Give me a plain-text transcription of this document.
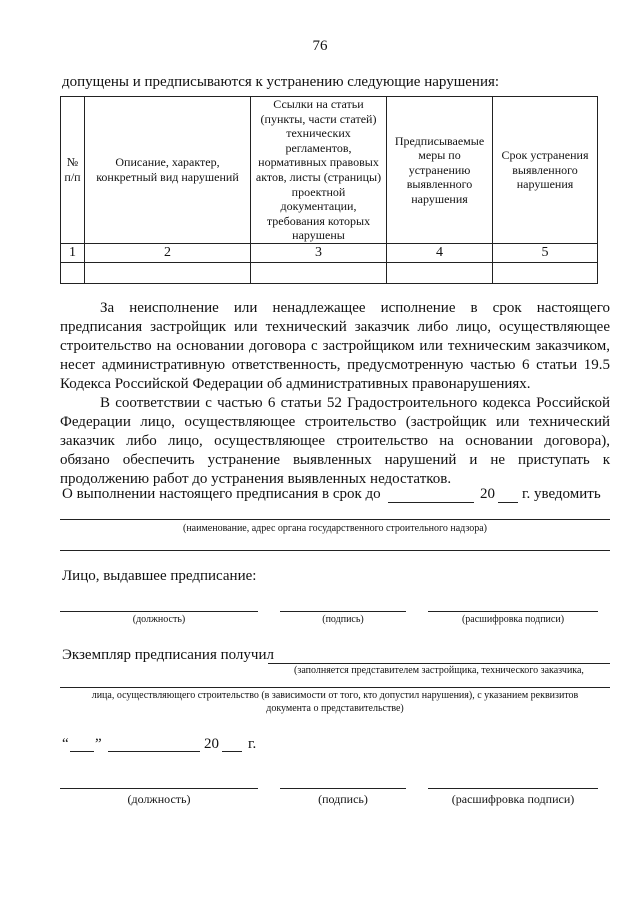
76
допущены и предписываются к устранению следующие нарушения:
№ п/п	Описание, характер, конкретный вид нарушений	Ссылки на статьи (пункты, части статей) технических регламентов, нормативных правовых актов, листы (страницы) проектной документации, требования которых нарушены	Предписываемые меры по устранению выявленного нарушения	Срок устранения выявленного нарушения
1	2	3	4	5

За неисполнение или ненадлежащее исполнение в срок настоящего предписания застройщик или технический заказчик либо лицо, осуществляющее строительство на основании договора с застройщиком или техническим заказчиком, несет административную ответственность, предусмотренную частью 6 статьи 19.5 Кодекса Российской Федерации об административных правонарушениях.

В соответствии с частью 6 статьи 52 Градостроительного кодекса Российской Федерации лицо, осуществляющее строительство (застройщик или технический заказчик либо лицо, осуществляющее строительство на основании договора), обязано обеспечить устранение выявленных нарушений и не приступать к продолжению работ до устранения выявленных недостатков.

О выполнении настоящего предписания в срок до	20 г. уведомить
(наименование, адрес органа государственного строительного надзора)
Лицо, выдавшее предписание:
(должность)	(подпись)	(расшифровка подписи)
Экземпляр предписания получил
(заполняется представителем застройщика, технического заказчика,
лица, осуществляющего строительство (в зависимости от того, кто допустил нарушения), с указанием реквизитов
документа о представительстве)
“ ”	20 г.
(должность)	(подпись)	(расшифровка подписи)
